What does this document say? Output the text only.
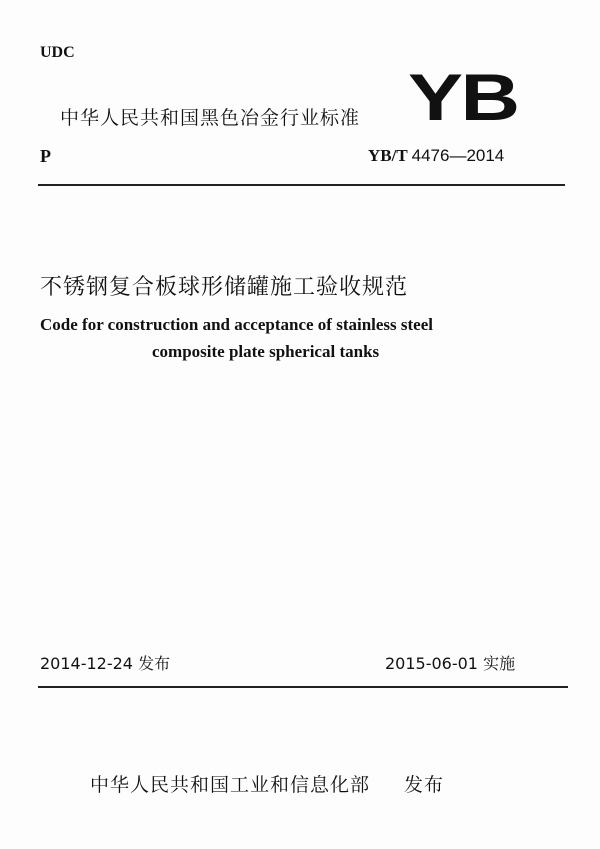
UDC
中华人民共和国黑色冶金行业标准 YB
P	YB/T 4476—2014
不锈钢复合板球形储罐施工验收规范
Code for construction and acceptance of stainless steel
composite plate spherical tanks
2014-12-24 发布	2015-06-01 实施
中华人民共和国工业和信息化部 发布
